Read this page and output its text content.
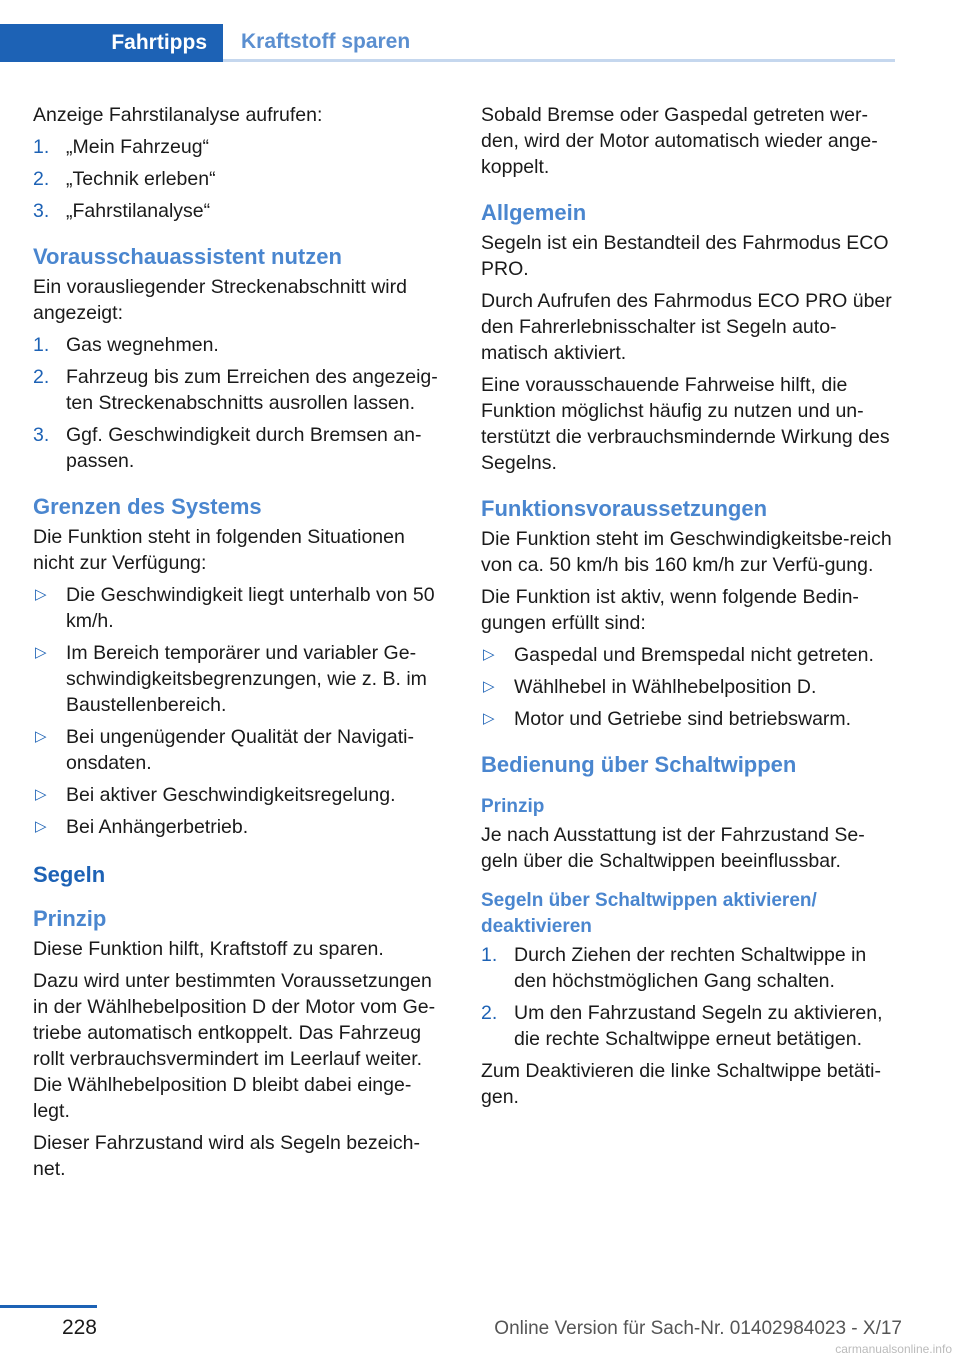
Fahrtipps	Kraftstoff sparen

Anzeige Fahrstilanalyse aufrufen:

1. „Mein Fahrzeug“
2. „Technik erleben“
3. „Fahrstilanalyse“
Vorausschauassistent nutzen

Ein vorausliegender Streckenabschnitt wird angezeigt:

1. Gas wegnehmen.
2. Fahrzeug bis zum Erreichen des angezeig-ten Streckenabschnitts ausrollen lassen.
3. Ggf. Geschwindigkeit durch Bremsen an-passen.
Grenzen des Systems

Die Funktion steht in folgenden Situationen nicht zur Verfügung:

▷ Die Geschwindigkeit liegt unterhalb von 50 km/h.
▷ Im Bereich temporärer und variabler Ge-schwindigkeitsbegrenzungen, wie z. B. im Baustellenbereich.
▷ Bei ungenügender Qualität der Navigati-onsdaten.
▷ Bei aktiver Geschwindigkeitsregelung.
▷ Bei Anhängerbetrieb.
Segeln
Prinzip

Diese Funktion hilft, Kraftstoff zu sparen.

Dazu wird unter bestimmten Voraussetzungen in der Wählhebelposition D der Motor vom Ge-triebe automatisch entkoppelt. Das Fahrzeug rollt verbrauchsvermindert im Leerlauf weiter. Die Wählhebelposition D bleibt dabei einge-legt.

Dieser Fahrzustand wird als Segeln bezeich-net.

Sobald Bremse oder Gaspedal getreten wer-den, wird der Motor automatisch wieder ange-koppelt.

Allgemein

Segeln ist ein Bestandteil des Fahrmodus ECO PRO.

Durch Aufrufen des Fahrmodus ECO PRO über den Fahrerlebnisschalter ist Segeln auto-matisch aktiviert.

Eine vorausschauende Fahrweise hilft, die Funktion möglichst häufig zu nutzen und un-terstützt die verbrauchsmindernde Wirkung des Segelns.

Funktionsvoraussetzungen

Die Funktion steht im Geschwindigkeitsbe-reich von ca. 50 km/h bis 160 km/h zur Verfü-gung.

Die Funktion ist aktiv, wenn folgende Bedin-gungen erfüllt sind:

▷ Gaspedal und Bremspedal nicht getreten.
▷ Wählhebel in Wählhebelposition D.
▷ Motor und Getriebe sind betriebswarm.
Bedienung über Schaltwippen
Prinzip

Je nach Ausstattung ist der Fahrzustand Se-geln über die Schaltwippen beeinflussbar.

Segeln über Schaltwippen aktivieren/ deaktivieren
1. Durch Ziehen der rechten Schaltwippe in den höchstmöglichen Gang schalten.
2. Um den Fahrzustand Segeln zu aktivieren, die rechte Schaltwippe erneut betätigen.

Zum Deaktivieren die linke Schaltwippe betäti-gen.

228	Online Version für Sach-Nr. 01402984023 - X/17
carmanualsonline.info
